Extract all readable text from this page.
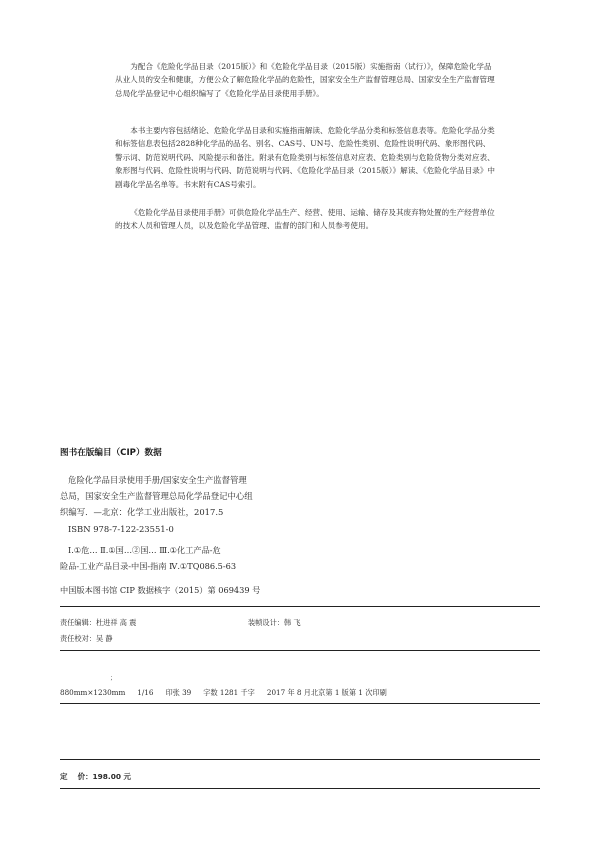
为配合《危险化学品目录（2015版）》和《危险化学品目录（2015版）实施指南（试行）》，保障危险化学品从业人员的安全和健康，方便公众了解危险化学品的危险性，国家安全生产监督管理总局、国家安全生产监督管理总局化学品登记中心组织编写了《危险化学品目录使用手册》。

本书主要内容包括绪论、危险化学品目录和实施指南解读、危险化学品分类和标签信息表等。危险化学品分类和标签信息表包括2828种化学品的品名、别名、CAS号、UN号、危险性类别、危险性说明代码、象形图代码、警示词、防范说明代码、风险提示和备注。附录有危险类别与标签信息对应表、危险类别与危险货物分类对应表、象形图与代码、危险性说明与代码、防范说明与代码、《危险化学品目录（2015版）》解读、《危险化学品目录》中剧毒化学品名单等。书末附有CAS号索引。

《危险化学品目录使用手册》可供危险化学品生产、经营、使用、运输、储存及其废弃物处置的生产经营单位的技术人员和管理人员，以及危险化学品管理、监督的部门和人员参考使用。

图书在版编目（CIP）数据
危险化学品目录使用手册/国家安全生产监督管理
总局，国家安全生产监督管理总局化学品登记中心组
织编写．—北京：化学工业出版社，2017.5
ISBN 978-7-122-23551-0
Ⅰ.①危… Ⅱ.①国…②国… Ⅲ.①化工产品-危
险品-工业产品目录-中国-指南 Ⅳ.①TQ086.5-63
中国版本图书馆 CIP 数据核字（2015）第 069439 号
责任编辑：杜进祥 高 震	装帧设计：韩 飞
责任校对：吴 静
；
880mm×1230mm 1/16 印张 39 字数 1281 千字 2017 年 8 月北京第 1 版第 1 次印刷
定    价：198.00 元
